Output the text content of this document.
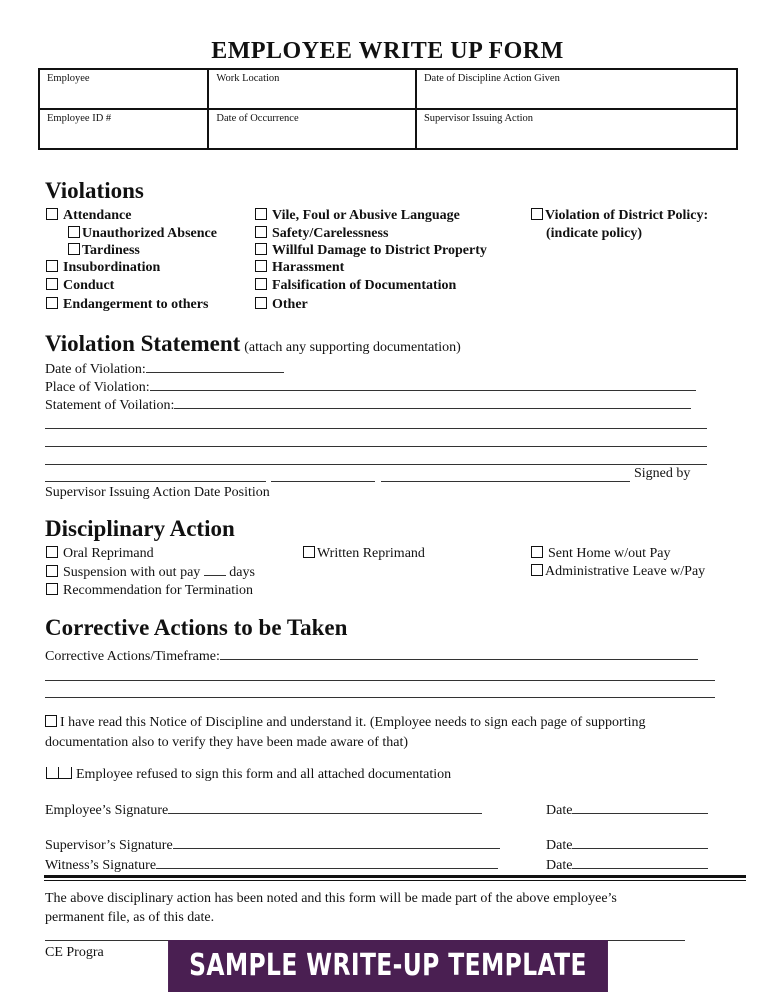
EMPLOYEE WRITE UP FORM
Employee	Work Location	Date of Discipline Action Given
Employee ID #	Date of Occurrence	Supervisor Issuing Action
Violations
Attendance
Unauthorized Absence
Tardiness
Insubordination
Conduct
Endangerment to others
Vile, Foul or Abusive Language
Safety/Carelessness
Willful Damage to District Property
Harassment
Falsification of Documentation
Other
Violation of District Policy:
(indicate policy)
Violation Statement (attach any supporting documentation)
Date of Violation:
Place of Violation:
Statement of Voilation:
Signed by
Supervisor Issuing Action Date Position
Disciplinary Action
Oral Reprimand	Written Reprimand	Sent Home w/out Pay
Suspension with out pay days	Administrative Leave w/Pay
Recommendation for Termination
Corrective Actions to be Taken
Corrective Actions/Timeframe:
I have read this Notice of Discipline and understand it. (Employee needs to sign each page of supporting
documentation also to verify they have been made aware of that)
Employee refused to sign this form and all attached documentation
Employee’s Signature	Date
Supervisor’s Signature	Date
Witness’s Signature	Date
The above disciplinary action has been noted and this form will be made part of the above employee’s
permanent file, as of this date.
CE Progra	SAMPLE WRITE-UP TEMPLATE
